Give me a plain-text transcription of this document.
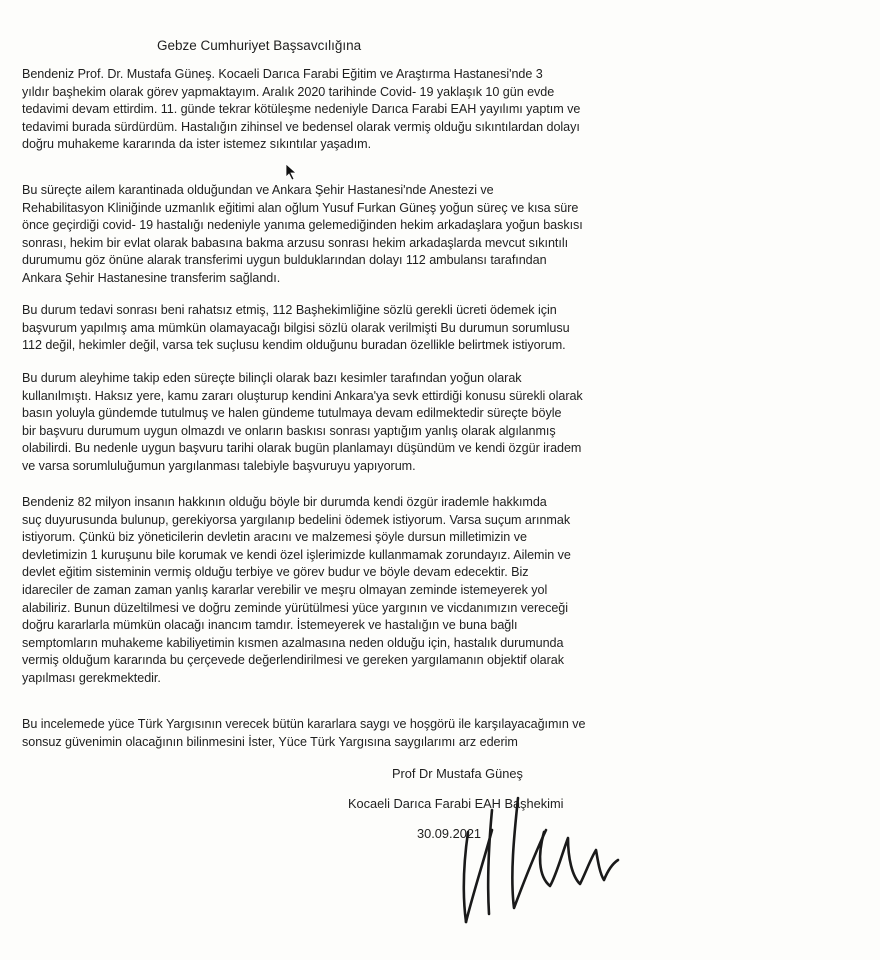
Gebze Cumhuriyet Başsavcılığına

Bendeniz Prof. Dr. Mustafa Güneş. Kocaeli Darıca Farabi Eğitim ve Araştırma Hastanesi'nde 3

yıldır başhekim olarak görev yapmaktayım. Aralık 2020 tarihinde Covid- 19 yaklaşık 10 gün evde

tedavimi devam ettirdim. 11. günde tekrar kötüleşme nedeniyle Darıca Farabi EAH yayılımı yaptım ve

tedavimi burada sürdürdüm. Hastalığın zihinsel ve bedensel olarak vermiş olduğu sıkıntılardan dolayı

doğru muhakeme kararında da ister istemez sıkıntılar yaşadım.

Bu süreçte ailem karantinada olduğundan ve Ankara Şehir Hastanesi'nde Anestezi ve

Rehabilitasyon Kliniğinde uzmanlık eğitimi alan oğlum Yusuf Furkan Güneş yoğun süreç ve kısa süre

önce geçirdiği covid- 19 hastalığı nedeniyle yanıma gelemediğinden hekim arkadaşlara yoğun baskısı

sonrası, hekim bir evlat olarak babasına bakma arzusu sonrası hekim arkadaşlarda mevcut sıkıntılı

durumumu göz önüne alarak transferimi uygun bulduklarından dolayı 112 ambulansı tarafından

Ankara Şehir Hastanesine transferim sağlandı.

Bu durum tedavi sonrası beni rahatsız etmiş, 112 Başhekimliğine sözlü gerekli ücreti ödemek için

başvurum yapılmış ama mümkün olamayacağı bilgisi sözlü olarak verilmişti Bu durumun sorumlusu

112 değil, hekimler değil, varsa tek suçlusu kendim olduğunu buradan özellikle belirtmek istiyorum.

Bu durum aleyhime takip eden süreçte bilinçli olarak bazı kesimler tarafından yoğun olarak

kullanılmıştı. Haksız yere, kamu zararı oluşturup kendini Ankara'ya sevk ettirdiği konusu sürekli olarak

basın yoluyla gündemde tutulmuş ve halen gündeme tutulmaya devam edilmektedir süreçte böyle

bir başvuru durumum uygun olmazdı ve onların baskısı sonrası yaptığım yanlış olarak algılanmış

olabilirdi. Bu nedenle uygun başvuru tarihi olarak bugün planlamayı düşündüm ve kendi özgür iradem

ve varsa sorumluluğumun yargılanması talebiyle başvuruyu yapıyorum.

Bendeniz 82 milyon insanın hakkının olduğu böyle bir durumda kendi özgür irademle hakkımda

suç duyurusunda bulunup, gerekiyorsa yargılanıp bedelini ödemek istiyorum. Varsa suçum arınmak

istiyorum. Çünkü biz yöneticilerin devletin aracını ve malzemesi şöyle dursun milletimizin ve

devletimizin 1 kuruşunu bile korumak ve kendi özel işlerimizde kullanmamak zorundayız. Ailemin ve

devlet eğitim sisteminin vermiş olduğu terbiye ve görev budur ve böyle devam edecektir. Biz

idareciler de zaman zaman yanlış kararlar verebilir ve meşru olmayan zeminde istemeyerek yol

alabiliriz. Bunun düzeltilmesi ve doğru zeminde yürütülmesi yüce yargının ve vicdanımızın vereceği

doğru kararlarla mümkün olacağı inancım tamdır. İstemeyerek ve hastalığın ve buna bağlı

semptomların muhakeme kabiliyetimin kısmen azalmasına neden olduğu için, hastalık durumunda

vermiş olduğum kararında bu çerçevede değerlendirilmesi ve gereken yargılamanın objektif olarak

yapılması gerekmektedir.

Bu incelemede yüce Türk Yargısının verecek bütün kararlara saygı ve hoşgörü ile karşılayacağımın ve

sonsuz güvenimin olacağının bilinmesini İster, Yüce Türk Yargısına saygılarımı arz ederim

Prof Dr Mustafa Güneş
Kocaeli Darıca Farabi EAH Başhekimi
30.09.2021
